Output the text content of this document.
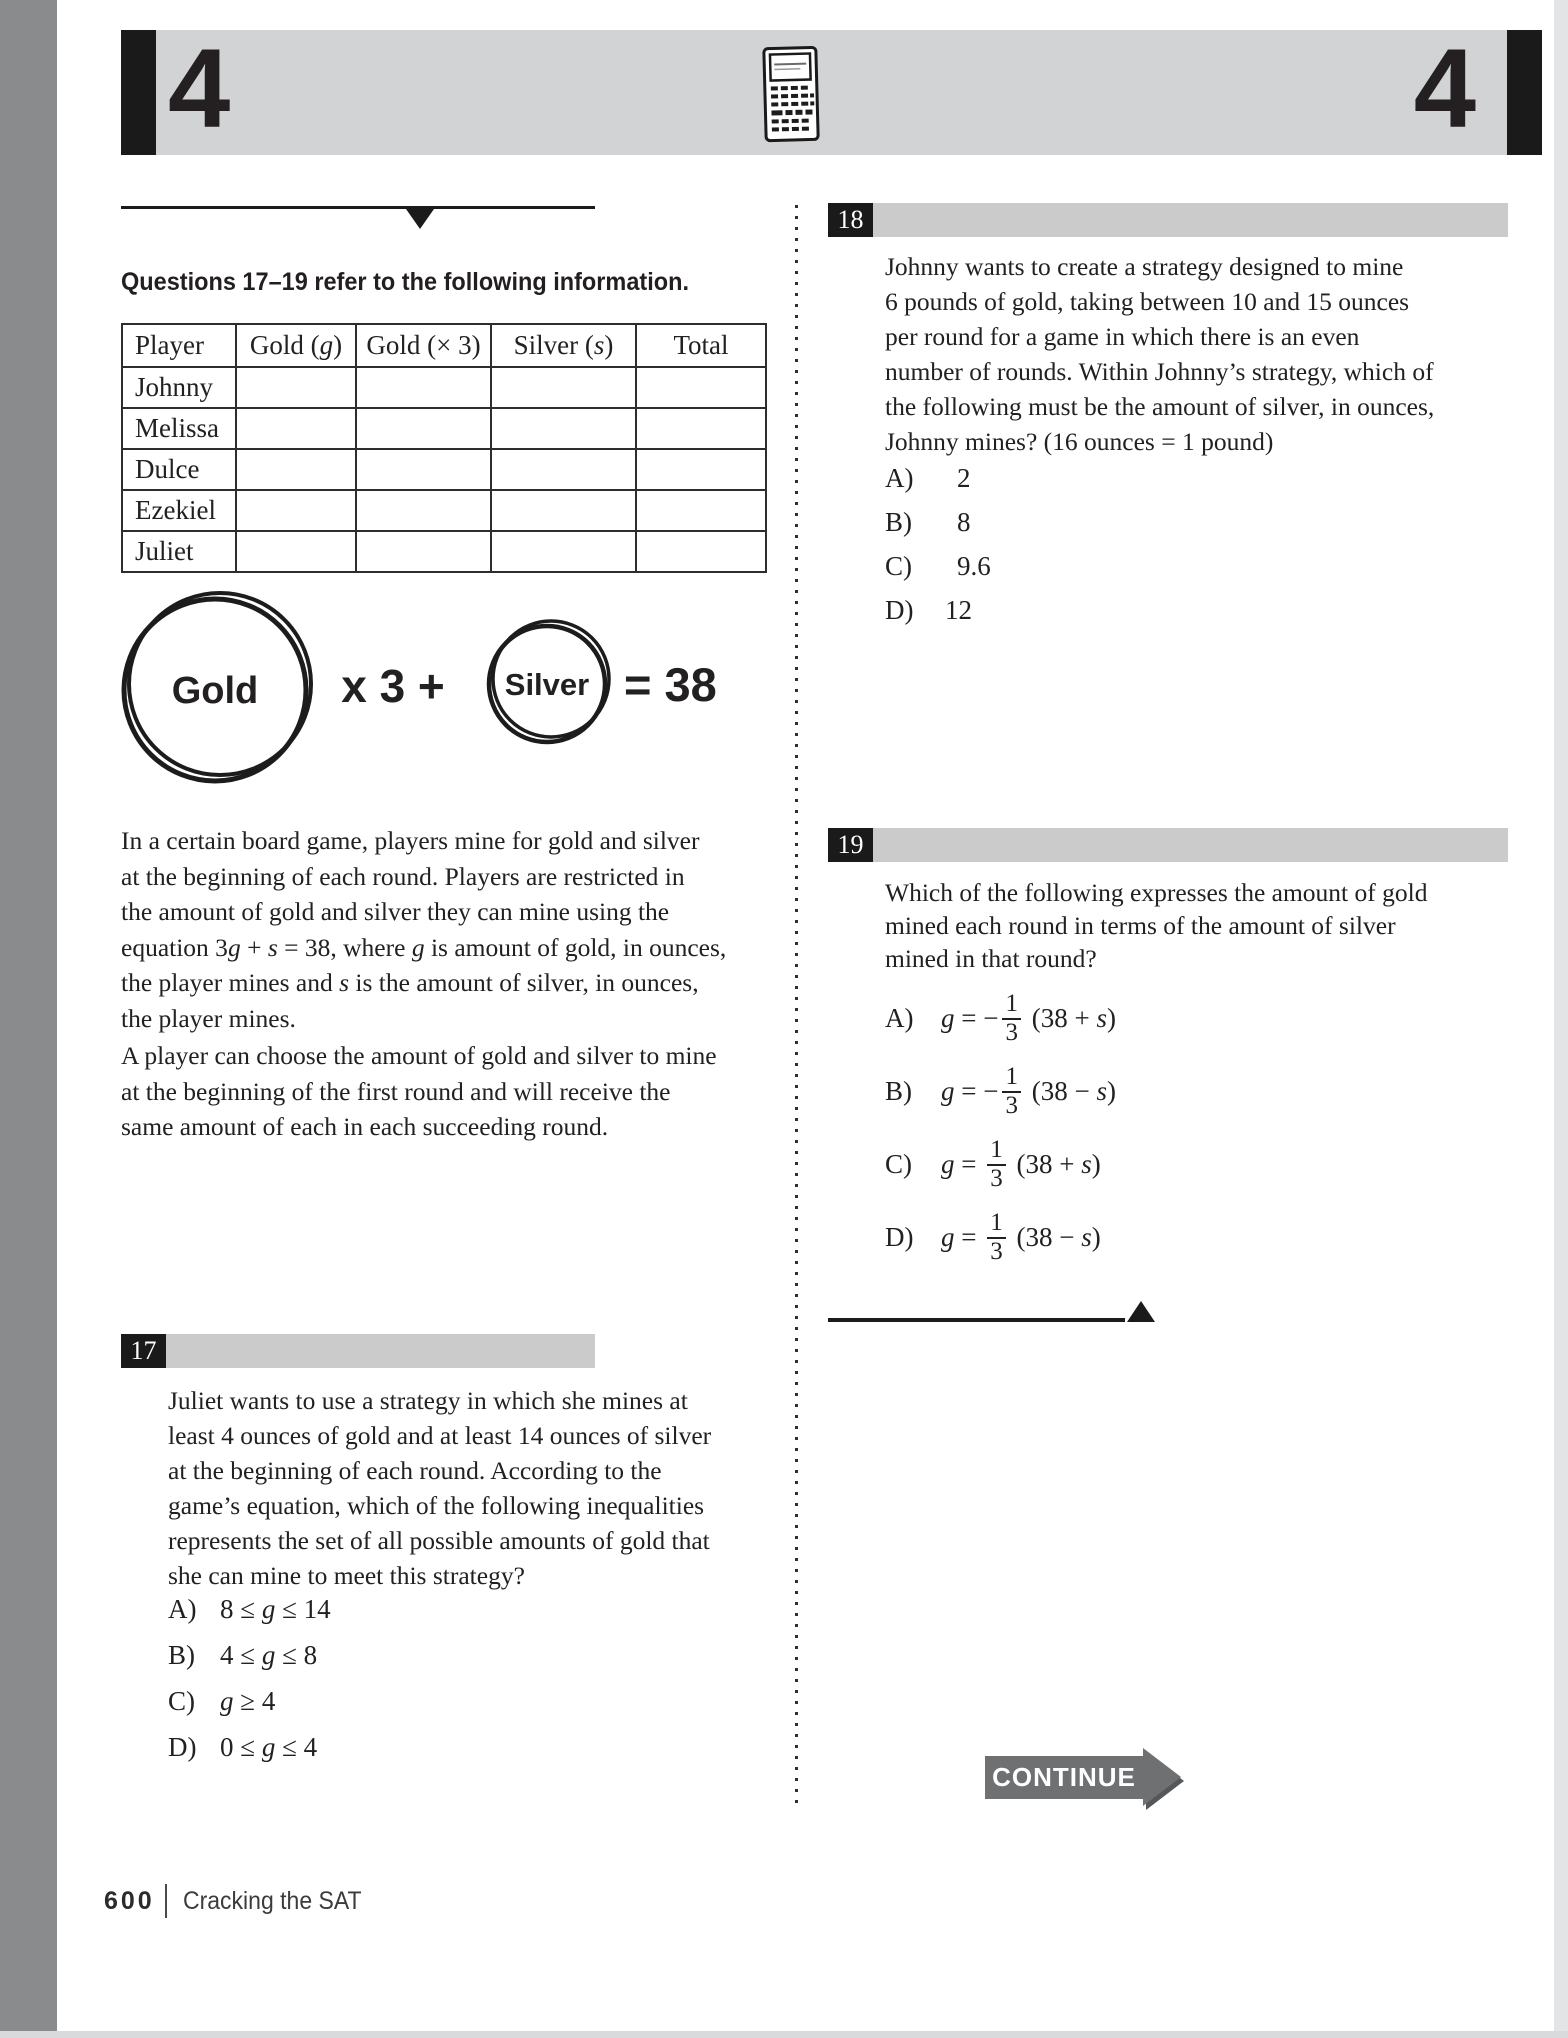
4	4
Questions 17–19 refer to the following information.
Player	Gold (g)	Gold (× 3)	Silver (s)	Total
Johnny				
Melissa				
Dulce				
Ezekiel				
Juliet				
Gold x 3 + Silver = 38
In a certain board game, players mine for gold and silver
at the beginning of each round. Players are restricted in
the amount of gold and silver they can mine using the
equation 3g + s = 38, where g is amount of gold, in ounces,
the player mines and s is the amount of silver, in ounces,
the player mines.
A player can choose the amount of gold and silver to mine
at the beginning of the first round and will receive the
same amount of each in each succeeding round.
17
Juliet wants to use a strategy in which she mines at
least 4 ounces of gold and at least 14 ounces of silver
at the beginning of each round. According to the
game’s equation, which of the following inequalities
represents the set of all possible amounts of gold that
she can mine to meet this strategy?
A) 8 ≤ g ≤ 14
B) 4 ≤ g ≤ 8
C) g ≥ 4
D) 0 ≤ g ≤ 4
18
Johnny wants to create a strategy designed to mine
6 pounds of gold, taking between 10 and 15 ounces
per round for a game in which there is an even
number of rounds. Within Johnny’s strategy, which of
the following must be the amount of silver, in ounces,
Johnny mines? (16 ounces = 1 pound)
A)	2
B)	8
C)	9.6
D)	12
19
Which of the following expresses the amount of gold
mined each round in terms of the amount of silver
mined in that round?
A)	g = − $\frac{1}{3} (38 + s$ )
B)	g = − $\frac{1}{3} (38 - s$ )
C)	$g = \frac{1}{3} (38 + s$ )
D)	$g = \frac{1}{3} (38 - s$ )
CONTINUE
600 Cracking the SAT
